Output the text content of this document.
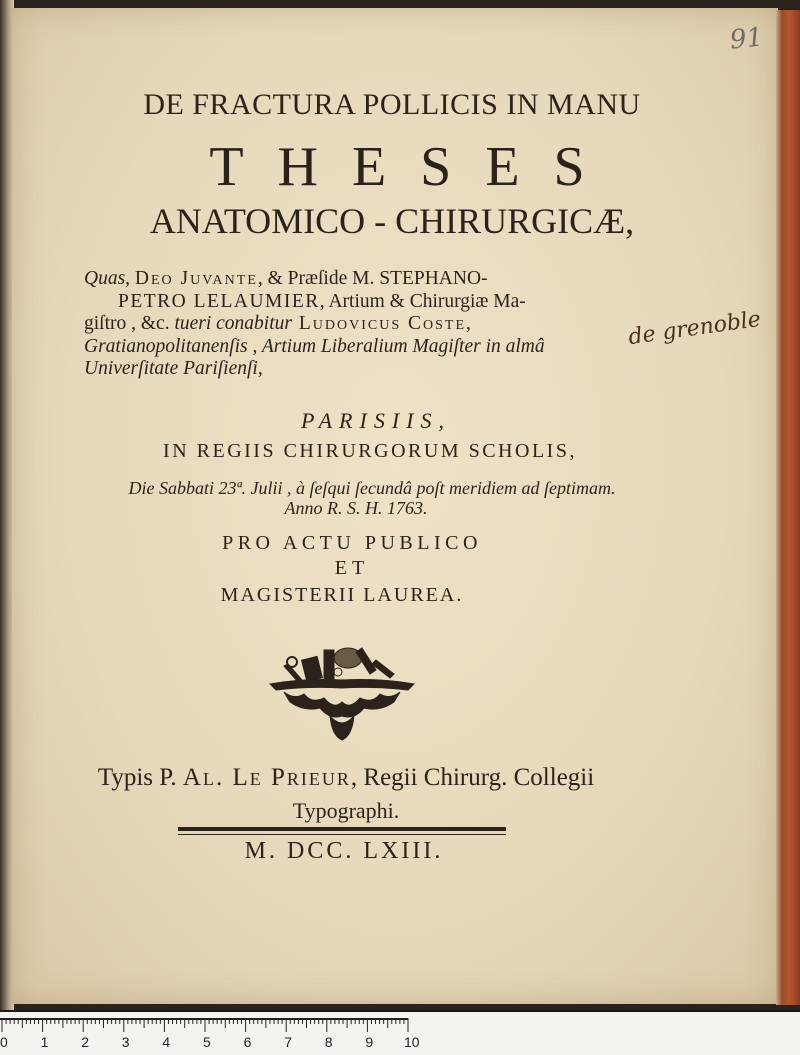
91
DE FRACTURA POLLICIS IN MANU
THESES
ANATOMICO - CHIRURGICÆ,

Quas, Deo Juvante, & Præſide M. STEPHANO-

PETRO LELAUMIER, Artium & Chirurgiæ Ma-

giſtro , &c. tueri conabitur Ludovicus Coste,

Gratianopolitanenſis , Artium Liberalium Magiſter in almâ

Univerſitate Pariſienſi,

de grenoble
PARISIIS,
IN REGIIS CHIRURGORUM SCHOLIS,
Die Sabbati 23ª. Julii , à ſeſqui ſecundâ poſt meridiem ad ſeptimam.
Anno R. S. H. 1763.
PRO ACTU PUBLICO
ET
MAGISTERII LAUREA.
Typis P. Al. Le Prieur, Regii Chirurg. Collegii
Typographi.
M. DCC. LXIII.
0 1 2 3 4 5 6 7 8 9 10
